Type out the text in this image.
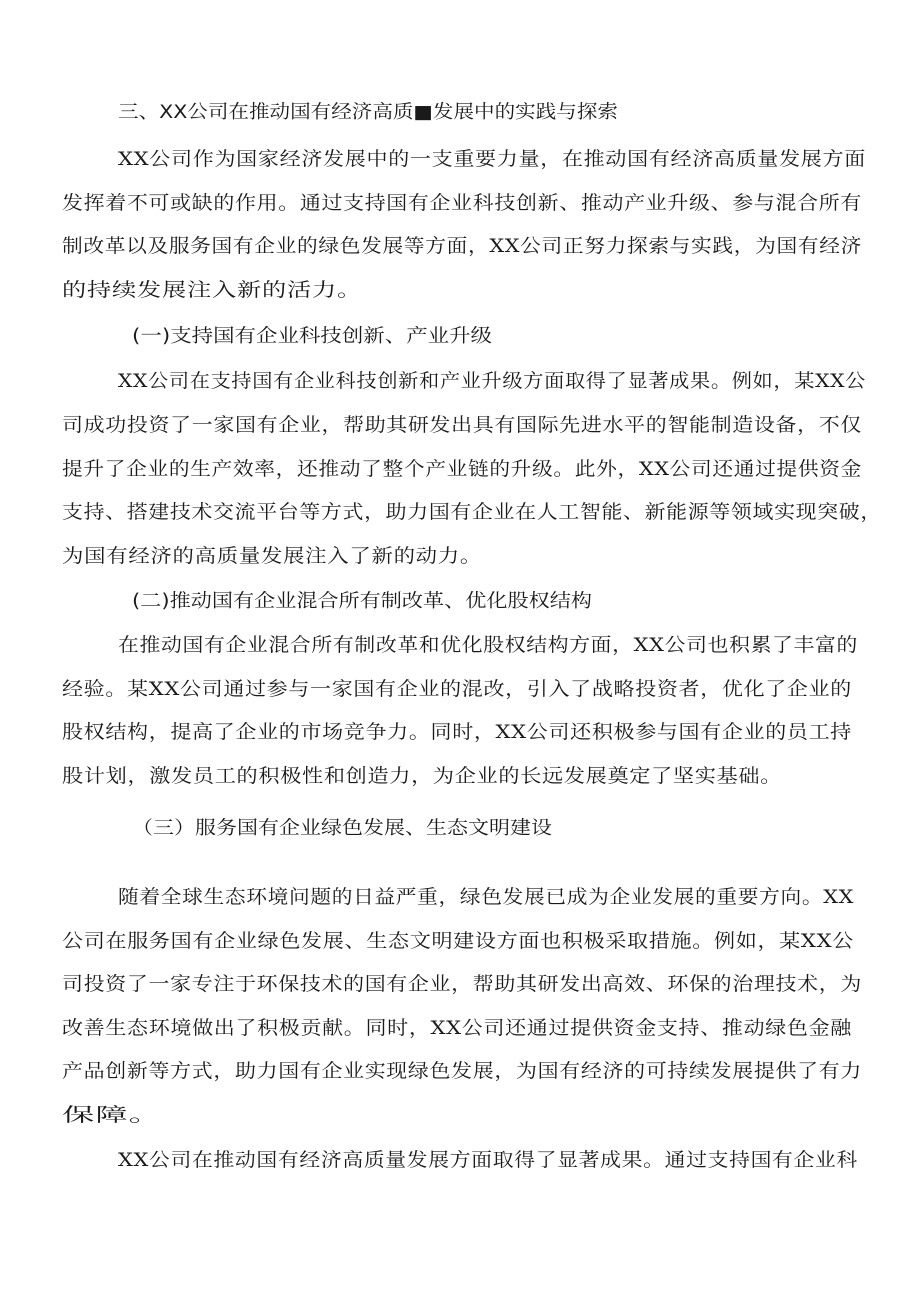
三、XX公司在推动国有经济高质■发展中的实践与探索
XX公司作为国家经济发展中的一支重要力量，在推动国有经济高质量发展方面
发挥着不可或缺的作用。通过支持国有企业科技创新、推动产业升级、参与混合所有
制改革以及服务国有企业的绿色发展等方面，XX公司正努力探索与实践，为国有经济
的持续发展注入新的活力。
(一)支持国有企业科技创新、产业升级
XX公司在支持国有企业科技创新和产业升级方面取得了显著成果。例如，某XX公
司成功投资了一家国有企业，帮助其研发出具有国际先进水平的智能制造设备，不仅
提升了企业的生产效率，还推动了整个产业链的升级。此外，XX公司还通过提供资金
支持、搭建技术交流平台等方式，助力国有企业在人工智能、新能源等领域实现突破，
为国有经济的高质量发展注入了新的动力。
(二)推动国有企业混合所有制改革、优化股权结构
在推动国有企业混合所有制改革和优化股权结构方面，XX公司也积累了丰富的
经验。某XX公司通过参与一家国有企业的混改，引入了战略投资者，优化了企业的
股权结构，提高了企业的市场竞争力。同时，XX公司还积极参与国有企业的员工持
股计划，激发员工的积极性和创造力，为企业的长远发展奠定了坚实基础。
（三）服务国有企业绿色发展、生态文明建设
随着全球生态环境问题的日益严重，绿色发展已成为企业发展的重要方向。XX
公司在服务国有企业绿色发展、生态文明建设方面也积极采取措施。例如，某XX公
司投资了一家专注于环保技术的国有企业，帮助其研发出高效、环保的治理技术，为
改善生态环境做出了积极贡献。同时，XX公司还通过提供资金支持、推动绿色金融
产品创新等方式，助力国有企业实现绿色发展，为国有经济的可持续发展提供了有力
保障。
XX公司在推动国有经济高质量发展方面取得了显著成果。通过支持国有企业科
